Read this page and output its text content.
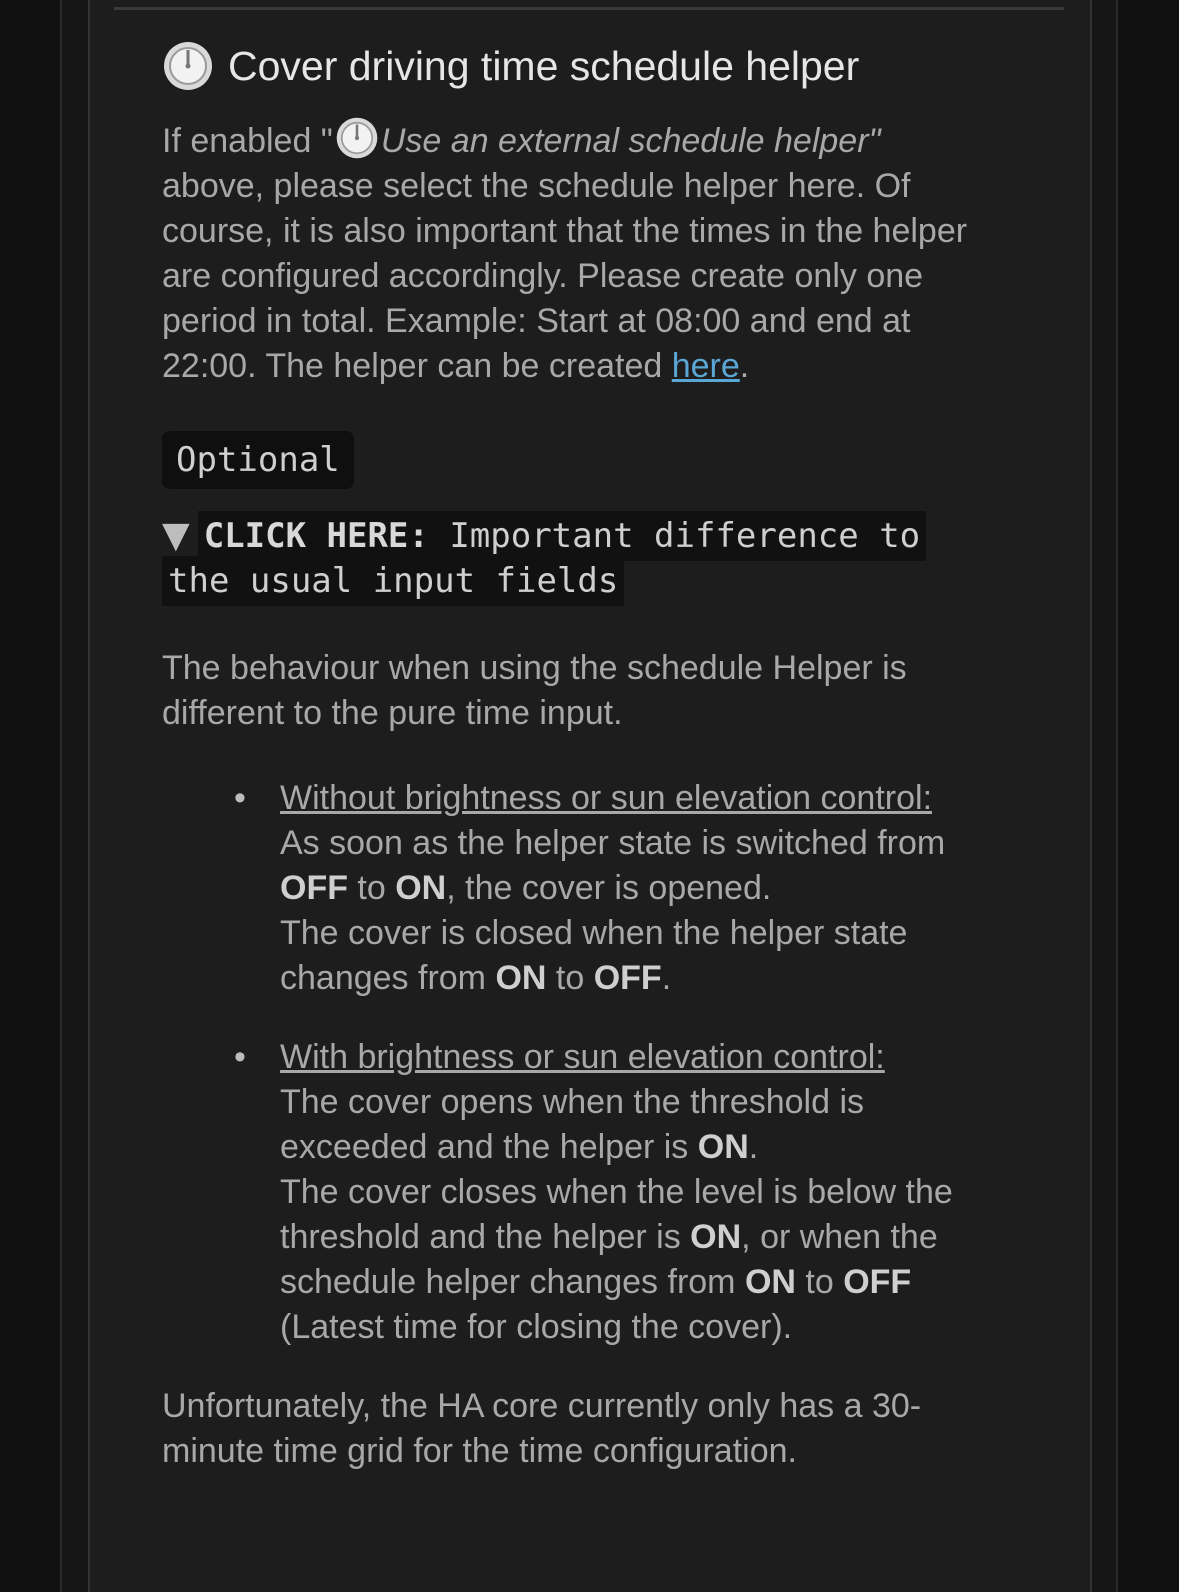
Cover driving time schedule helper

If enabled " Use an external schedule helper" above, please select the schedule helper here. Of course, it is also important that the times in the helper are configured accordingly. Please create only one period in total. Example: Start at 08:00 and end at 22:00. The helper can be created here.

Optional
▼ CLICK HERE: Important difference to the usual input fields

The behaviour when using the schedule Helper is different to the pure time input.

• Without brightness or sun elevation control:
As soon as the helper state is switched from OFF to ON, the cover is opened.
The cover is closed when the helper state changes from ON to OFF.
• With brightness or sun elevation control:
The cover opens when the threshold is exceeded and the helper is ON.
The cover closes when the level is below the threshold and the helper is ON, or when the schedule helper changes from ON to OFF (Latest time for closing the cover).

Unfortunately, the HA core currently only has a 30-minute time grid for the time configuration.
